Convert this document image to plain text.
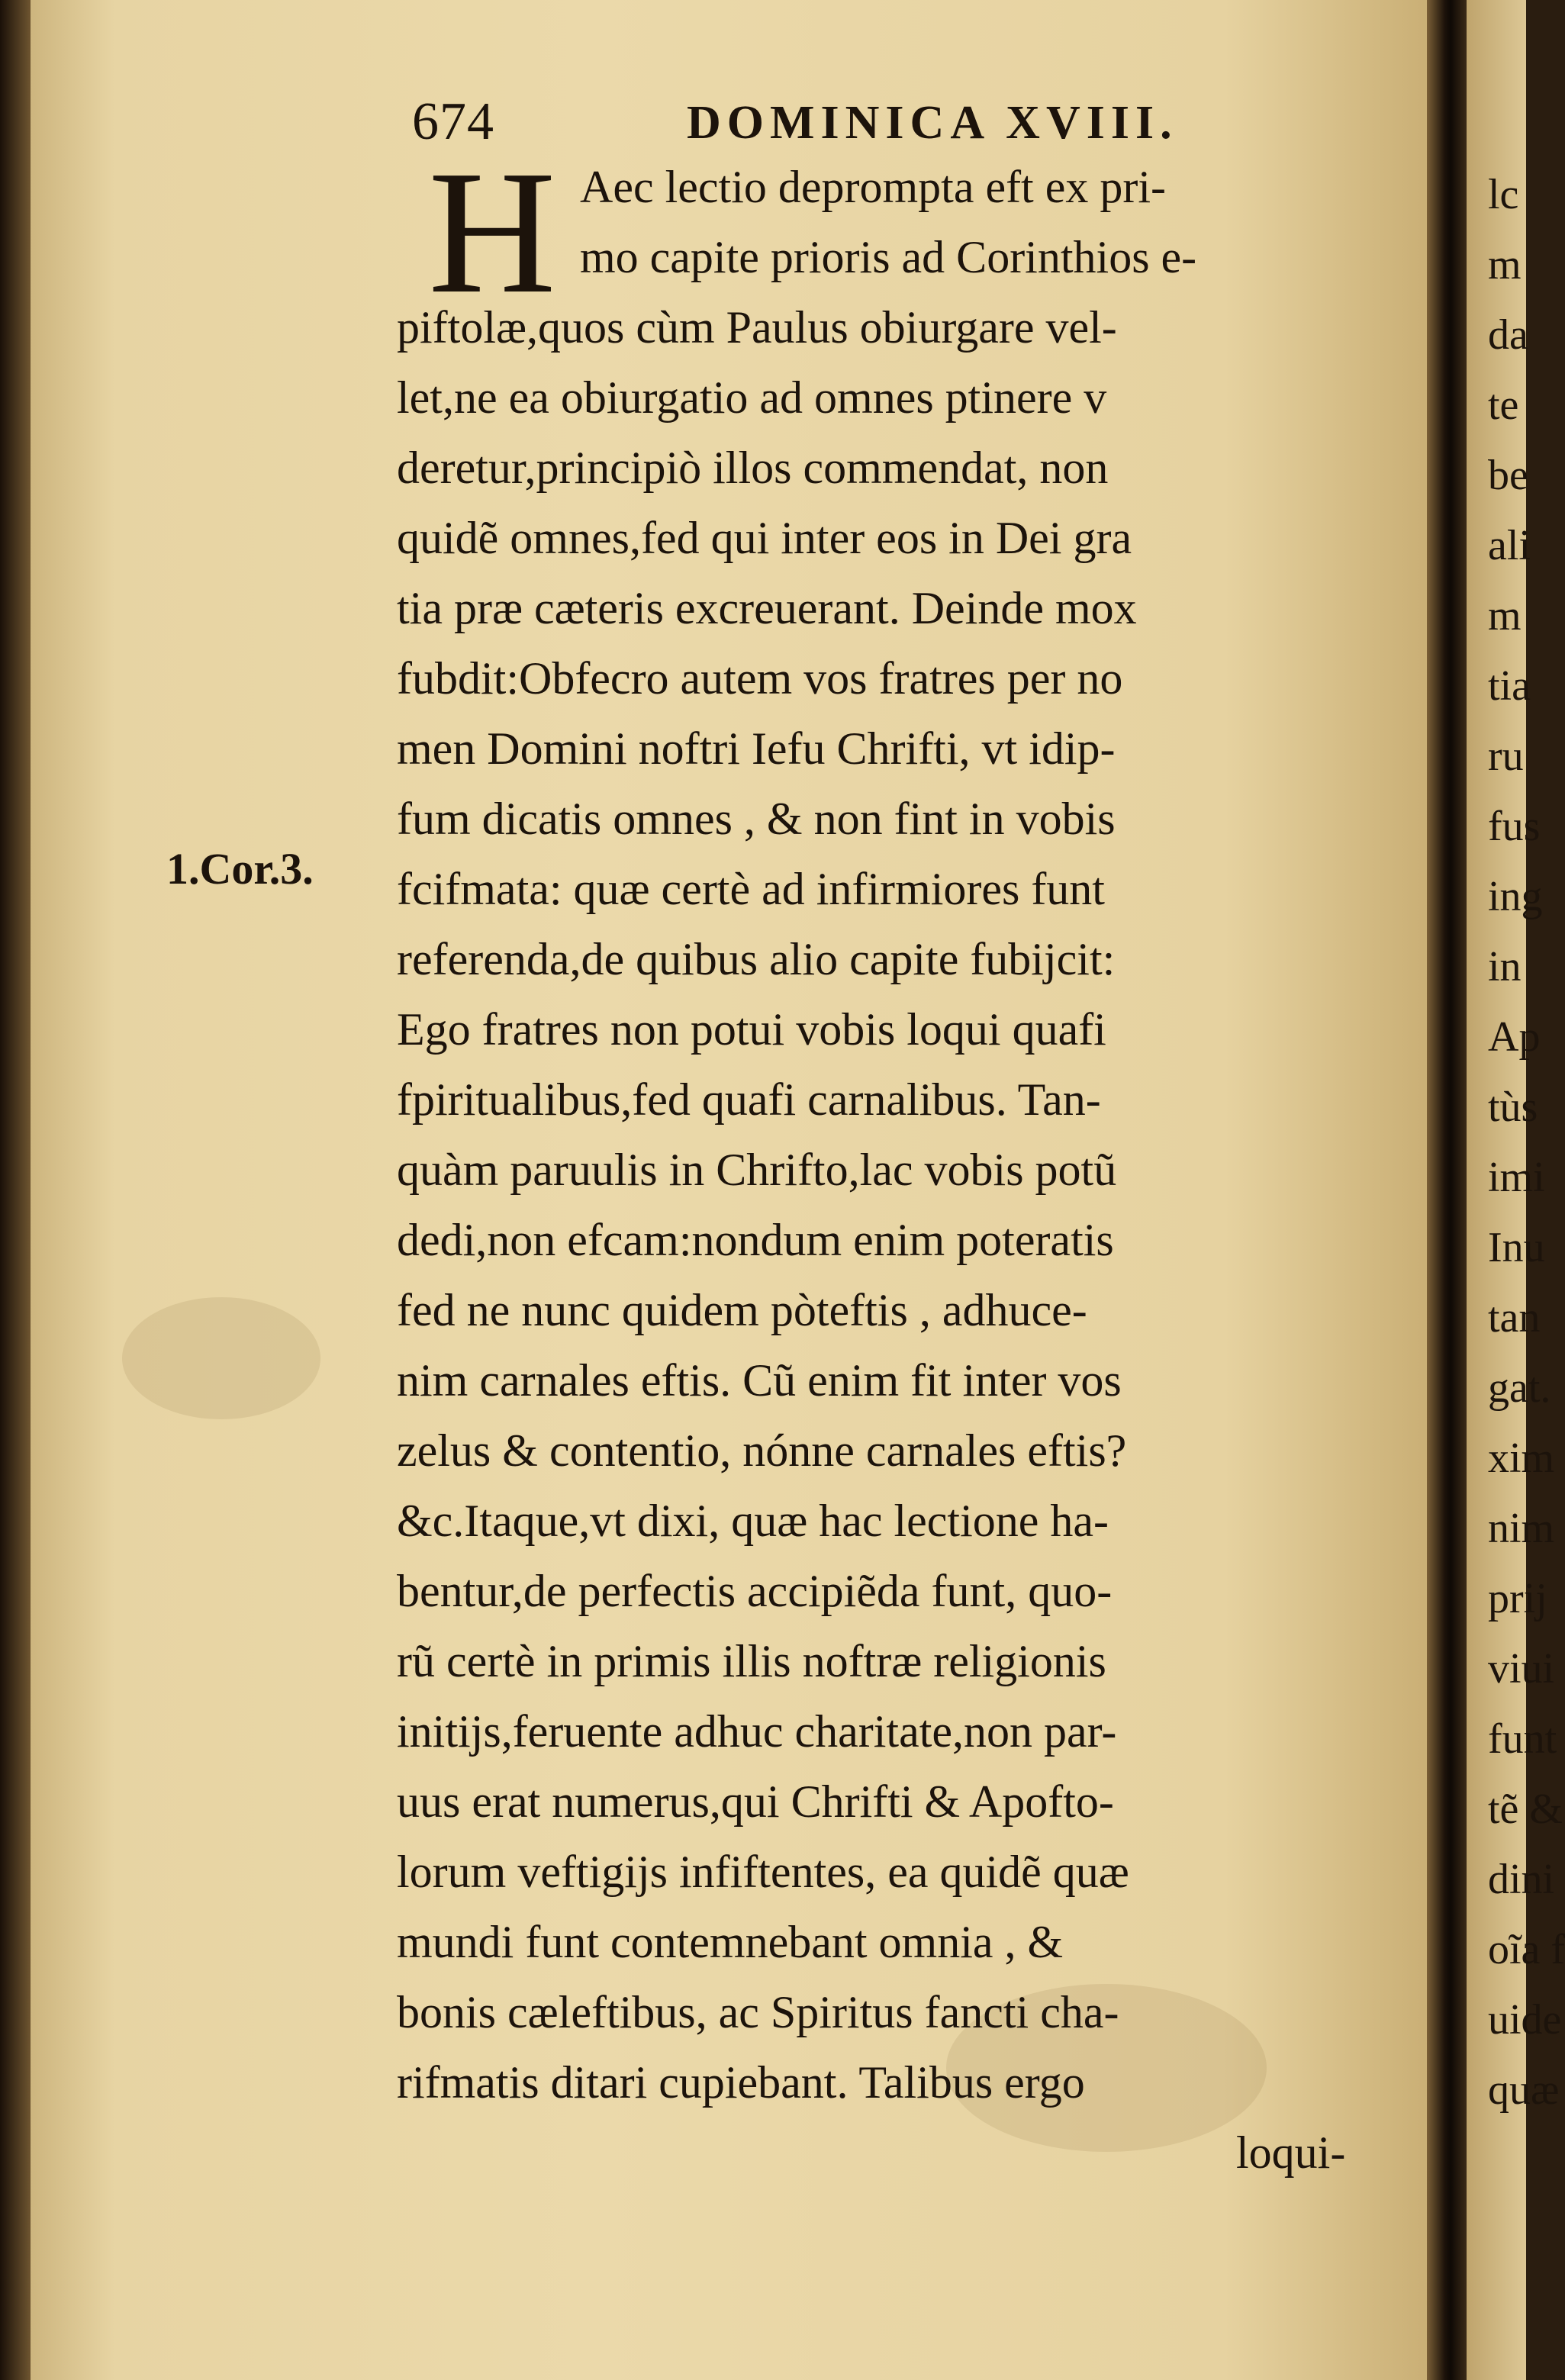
674	DOMINICA XVIII.
1.Cor.3.
H Aec lectio deprompta eft ex pri-
mo capite prioris ad Corinthios e-
piftolæ,quos cùm Paulus obiurgare vel-
let,ne ea obiurgatio ad omnes ptinere v
deretur,principiò illos commendat, non
quidẽ omnes,fed qui inter eos in Dei gra
tia præ cæteris excreuerant. Deinde mox
fubdit:Obfecro autem vos fratres per no
men Domini noftri Iefu Chrifti, vt idip-
fum dicatis omnes , & non fint in vobis
fcifmata: quæ certè ad infirmiores funt
referenda,de quibus alio capite fubijcit:
Ego fratres non potui vobis loqui quafi
fpiritualibus,fed quafi carnalibus. Tan-
quàm paruulis in Chrifto,lac vobis potũ
dedi,non efcam:nondum enim poteratis
fed ne nunc quidem pòteftis , adhuce-
nim carnales eftis. Cũ enim fit inter vos
zelus & contentio, nónne carnales eftis?
&c.Itaque,vt dixi, quæ hac lectione ha-
bentur,de perfectis accipiẽda funt, quo-
rũ certè in primis illis noftræ religionis
initijs,feruente adhuc charitate,non par-
uus erat numerus,qui Chrifti & Apofto-
lorum veftigijs infiftentes, ea quidẽ quæ
mundi funt contemnebant omnia , &
bonis cæleftibus, ac Spiritus fancti cha-
rifmatis ditari cupiebant. Talibus ergo
loqui-
lc
m
da
te
be
ali
m
tia
ru
fus
ing
in
Ap
tùs
imi
Inu
tan
gat.
xim
nim
prij
viui
funt
tẽ &
dini
oĩa f
uide
quæ
